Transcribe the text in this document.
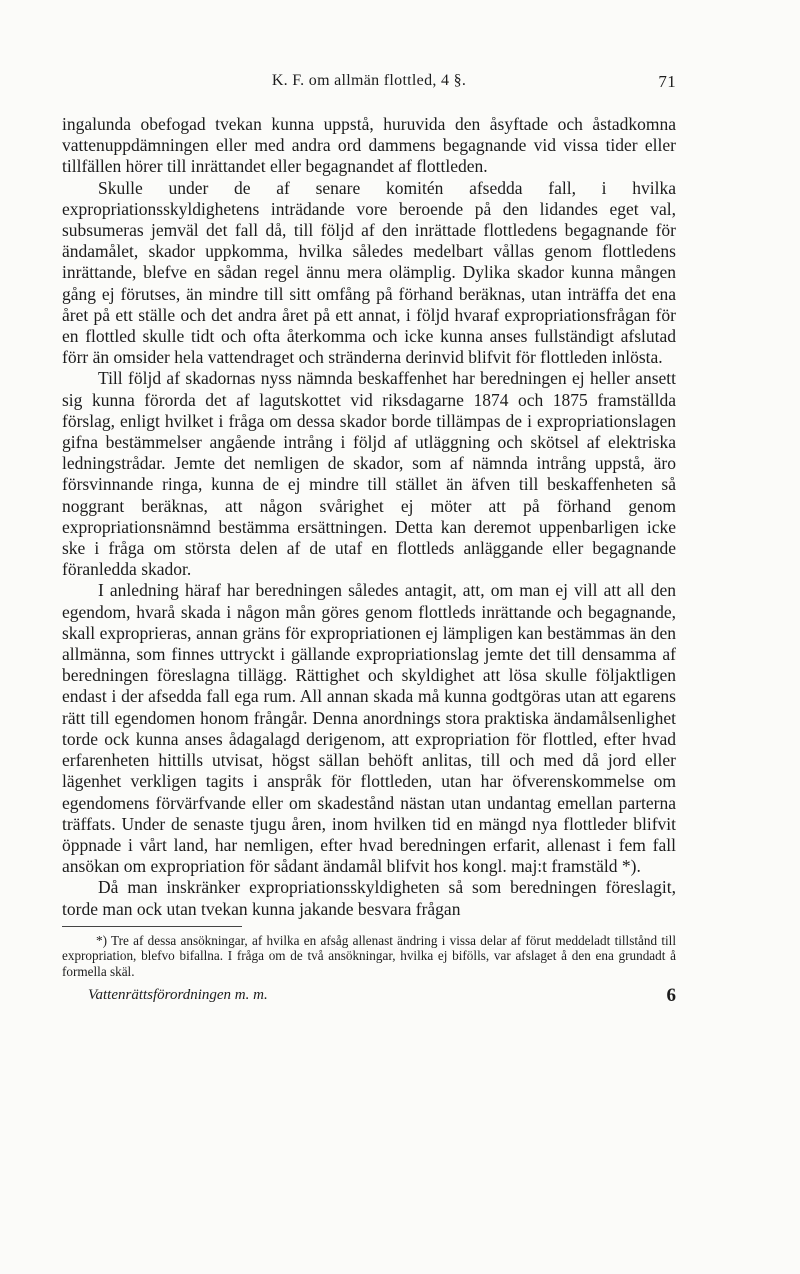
K. F. om allmän flottled, 4 §.	71

ingalunda obefogad tvekan kunna uppstå, huruvida den åsyftade och åstadkomna vattenuppdämningen eller med andra ord dammens begagnande vid vissa tider eller tillfällen hörer till inrättandet eller begagnandet af flottleden.

Skulle under de af senare komitén afsedda fall, i hvilka expropriationsskyldighetens inträdande vore beroende på den lidandes eget val, subsumeras jemväl det fall då, till följd af den inrättade flottledens begagnande för ändamålet, skador uppkomma, hvilka således medelbart vållas genom flottledens inrättande, blefve en sådan regel ännu mera olämplig. Dylika skador kunna mången gång ej förutses, än mindre till sitt omfång på förhand beräknas, utan inträffa det ena året på ett ställe och det andra året på ett annat, i följd hvaraf expropriationsfrågan för en flottled skulle tidt och ofta återkomma och icke kunna anses fullständigt afslutad förr än omsider hela vattendraget och stränderna derinvid blifvit för flottleden inlösta.

Till följd af skadornas nyss nämnda beskaffenhet har beredningen ej heller ansett sig kunna förorda det af lagutskottet vid riksdagarne 1874 och 1875 framställda förslag, enligt hvilket i fråga om dessa skador borde tillämpas de i expropriationslagen gifna bestämmelser angående intrång i följd af utläggning och skötsel af elektriska ledningstrådar. Jemte det nemligen de skador, som af nämnda intrång uppstå, äro försvinnande ringa, kunna de ej mindre till stället än äfven till beskaffenheten så noggrant beräknas, att någon svårighet ej möter att på förhand genom expropriationsnämnd bestämma ersättningen. Detta kan deremot uppenbarligen icke ske i fråga om största delen af de utaf en flottleds anläggande eller begagnande föranledda skador.

I anledning häraf har beredningen således antagit, att, om man ej vill att all den egendom, hvarå skada i någon mån göres genom flottleds inrättande och begagnande, skall exproprieras, annan gräns för expropriationen ej lämpligen kan bestämmas än den allmänna, som finnes uttryckt i gällande expropriationslag jemte det till densamma af beredningen föreslagna tillägg. Rättighet och skyldighet att lösa skulle följaktligen endast i der afsedda fall ega rum. All annan skada må kunna godtgöras utan att egarens rätt till egendomen honom frångår. Denna anordnings stora praktiska ändamålsenlighet torde ock kunna anses ådagalagd derigenom, att expropriation för flottled, efter hvad erfarenheten hittills utvisat, högst sällan behöft anlitas, till och med då jord eller lägenhet verkligen tagits i anspråk för flottleden, utan har öfverenskommelse om egendomens förvärfvande eller om skadestånd nästan utan undantag emellan parterna träffats. Under de senaste tjugu åren, inom hvilken tid en mängd nya flottleder blifvit öppnade i vårt land, har nemligen, efter hvad beredningen erfarit, allenast i fem fall ansökan om expropriation för sådant ändamål blifvit hos kongl. maj:t framstäld *).

Då man inskränker expropriationsskyldigheten så som beredningen föreslagit, torde man ock utan tvekan kunna jakande besvara frågan

*) Tre af dessa ansökningar, af hvilka en afsåg allenast ändring i vissa delar af förut meddeladt tillstånd till expropriation, blefvo bifallna. I fråga om de två ansökningar, hvilka ej bifölls, var afslaget å den ena grundadt å formella skäl.
Vattenrättsförordningen m. m.	6
